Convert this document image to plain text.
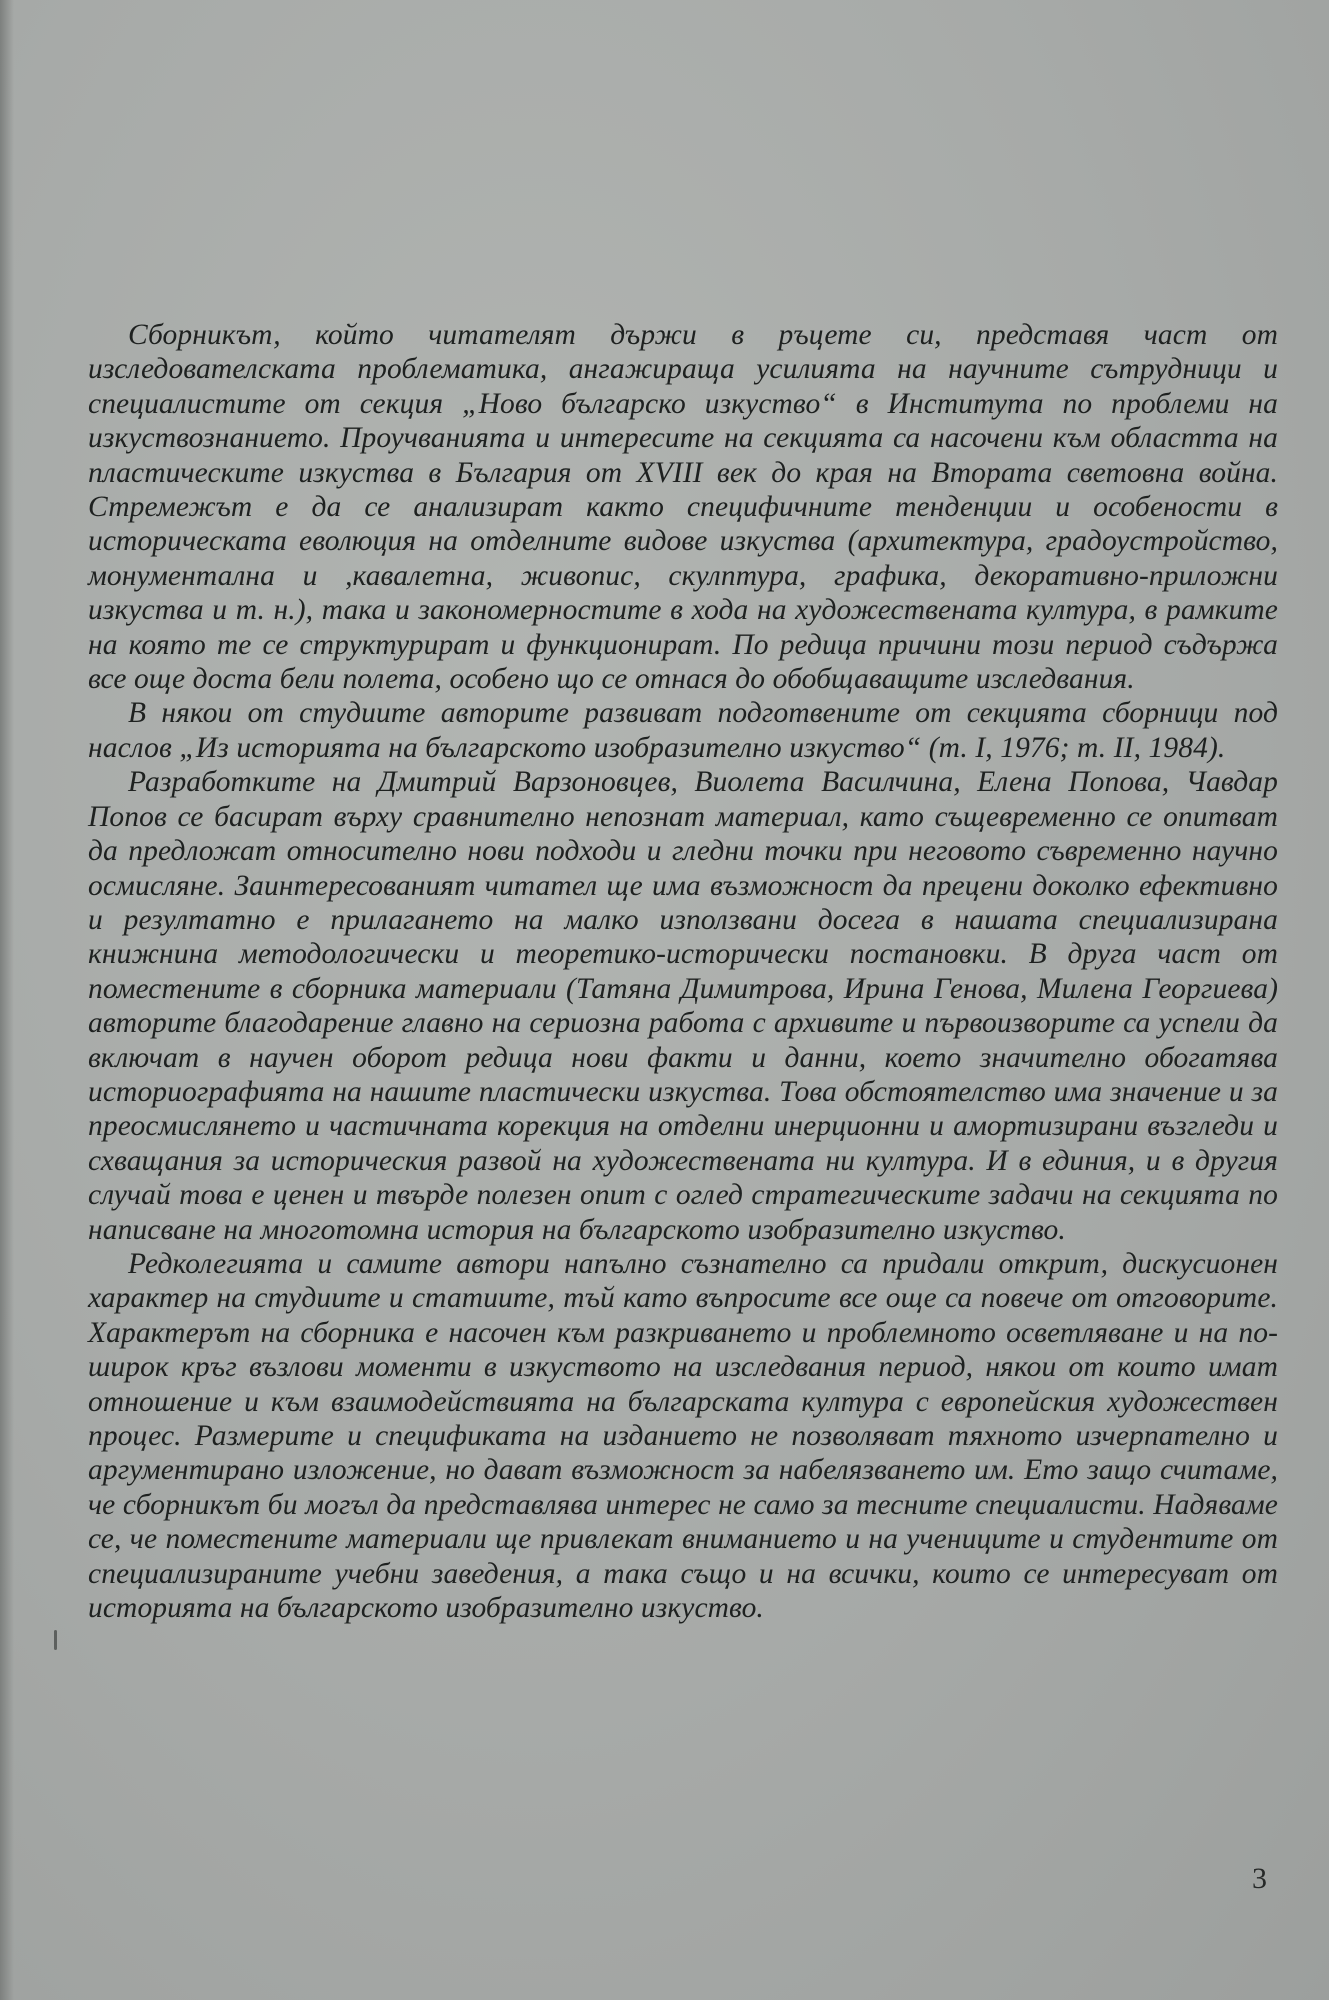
Сборникът, който читателят държи в ръцете си, представя част от изследователската проблематика, ангажираща усилията на научните сътрудници и специалистите от секция „Ново българско изкуство“ в Института по проблеми на изкуствознанието. Проучванията и интересите на секцията са насочени към областта на пластическите изкуства в България от XVIII век до края на Втората световна война. Стремежът е да се анализират както специфичните тенденции и особености в историческата еволюция на отделните видове изкуства (архитектура, градоустройство, монументална и ,кавалетна, живопис, скулптура, графика, декоративно-приложни изкуства и т. н.), така и закономерностите в хода на художествената култура, в рамките на която те се структурират и функционират. По редица причини този период съдържа все още доста бели полета, особено що се отнася до обобщаващите изследвания.

В някои от студиите авторите развиват подготвените от секцията сборници под наслов „Из историята на българското изобразително изкуство“ (т. I, 1976; т. II, 1984).

Разработките на Дмитрий Варзоновцев, Виолета Василчина, Елена Попова, Чавдар Попов се басират върху сравнително непознат материал, като същевременно се опитват да предложат относително нови подходи и гледни точки при неговото съвременно научно осмисляне. Заинтересованият читател ще има възможност да прецени доколко ефективно и резултатно е прилагането на малко използвани досега в нашата специализирана книжнина методологически и теоретико-исторически постановки. В друга част от поместените в сборника материали (Татяна Димитрова, Ирина Генова, Милена Георгиева) авторите благодарение главно на сериозна работа с архивите и първоизворите са успели да включат в научен оборот редица нови факти и данни, което значително обогатява историографията на нашите пластически изкуства. Това обстоятелство има значение и за преосмислянето и частичната корекция на отделни инерционни и амортизирани възгледи и схващания за историческия развой на художествената ни култура. И в единия, и в другия случай това е ценен и твърде полезен опит с оглед стратегическите задачи на секцията по написване на многотомна история на българското изобразително изкуство.

Редколегията и самите автори напълно съзнателно са придали открит, дискусионен характер на студиите и статиите, тъй като въпросите все още са повече от отговорите. Характерът на сборника е насочен към разкриването и проблемното осветляване и на по-широк кръг възлови моменти в изкуството на изследвания период, някои от които имат отношение и към взаимодействията на българската култура с европейския художествен процес. Размерите и спецификата на изданието не позволяват тяхното изчерпателно и аргументирано изложение, но дават възможност за набелязването им. Ето защо считаме, че сборникът би могъл да представлява интерес не само за тесните специалисти. Надяваме се, че поместените материали ще привлекат вниманието и на учениците и студентите от специализираните учебни заведения, а така също и на всички, които се интересуват от историята на българското изобразително изкуство.

3
